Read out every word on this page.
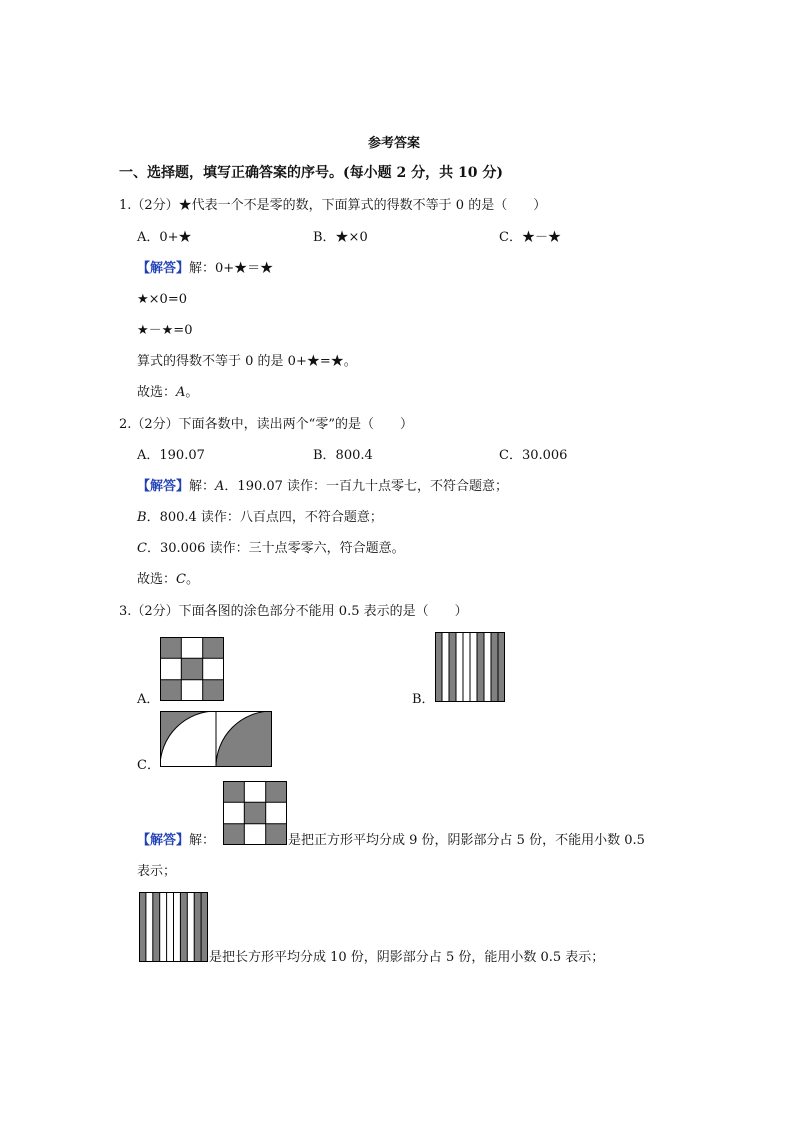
参考答案
一、选择题，填写正确答案的序号。(每小题 2 分，共 10 分)
1.（2分）★代表一个不是零的数，下面算式的得数不等于 0 的是（　　）
A．0+★	B．★×0	C．★－★
【解答】解：0+★＝★
★×0=0
★－★=0
算式的得数不等于 0 的是 0+★=★。
故选：A。
2.（2分）下面各数中，读出两个“零”的是（　　）
A．190.07	B．800.4	C．30.006
【解答】解：A．190.07 读作：一百九十点零七，不符合题意；
B．800.4 读作：八百点四，不符合题意；
C．30.006 读作：三十点零零六，符合题意。
故选：C。
3.（2分）下面各图的涂色部分不能用 0.5 表示的是（　　）
A．	B．
C．
【解答】解：	是把正方形平均分成 9 份，阴影部分占 5 份，不能用小数 0.5
表示；
是把长方形平均分成 10 份，阴影部分占 5 份，能用小数 0.5 表示；
